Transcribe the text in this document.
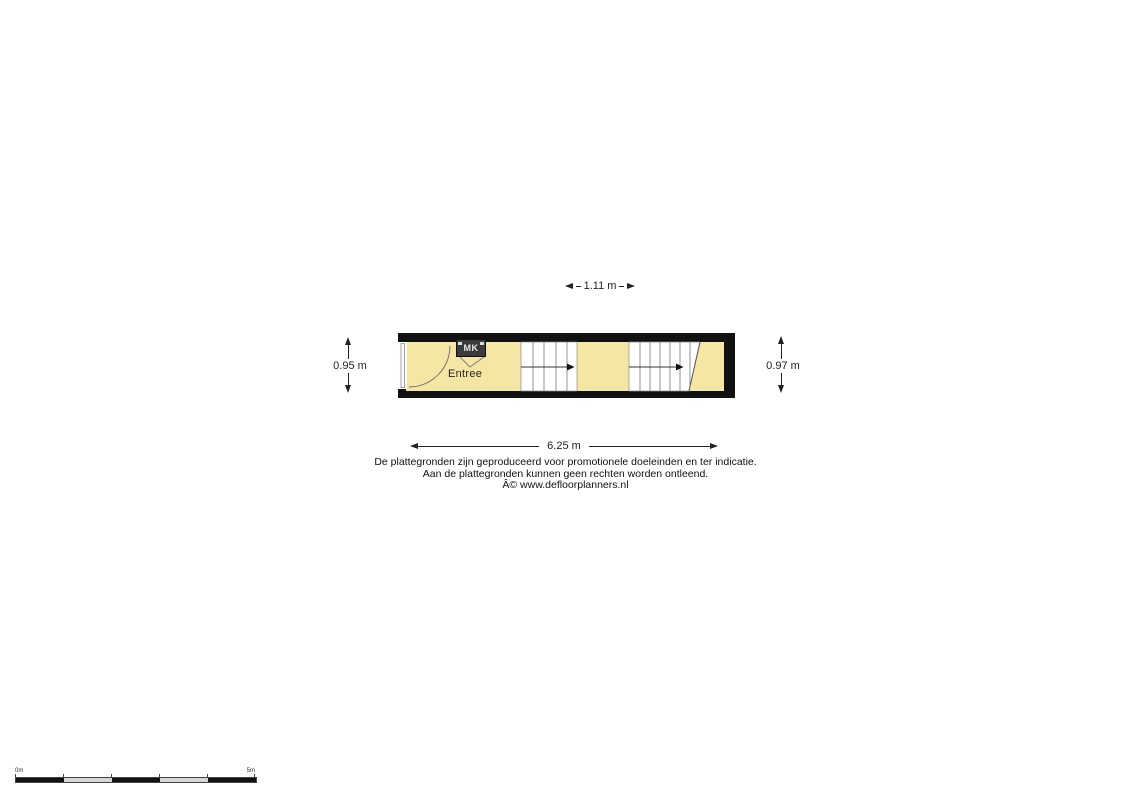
MK
Entree
1.11 m
0.95 m	0.97 m
6.25 m
De plattegronden zijn geproduceerd voor promotionele doeleinden en ter indicatie.
Aan de plattegronden kunnen geen rechten worden ontleend.
Â© www.defloorplanners.nl
0m	5m
